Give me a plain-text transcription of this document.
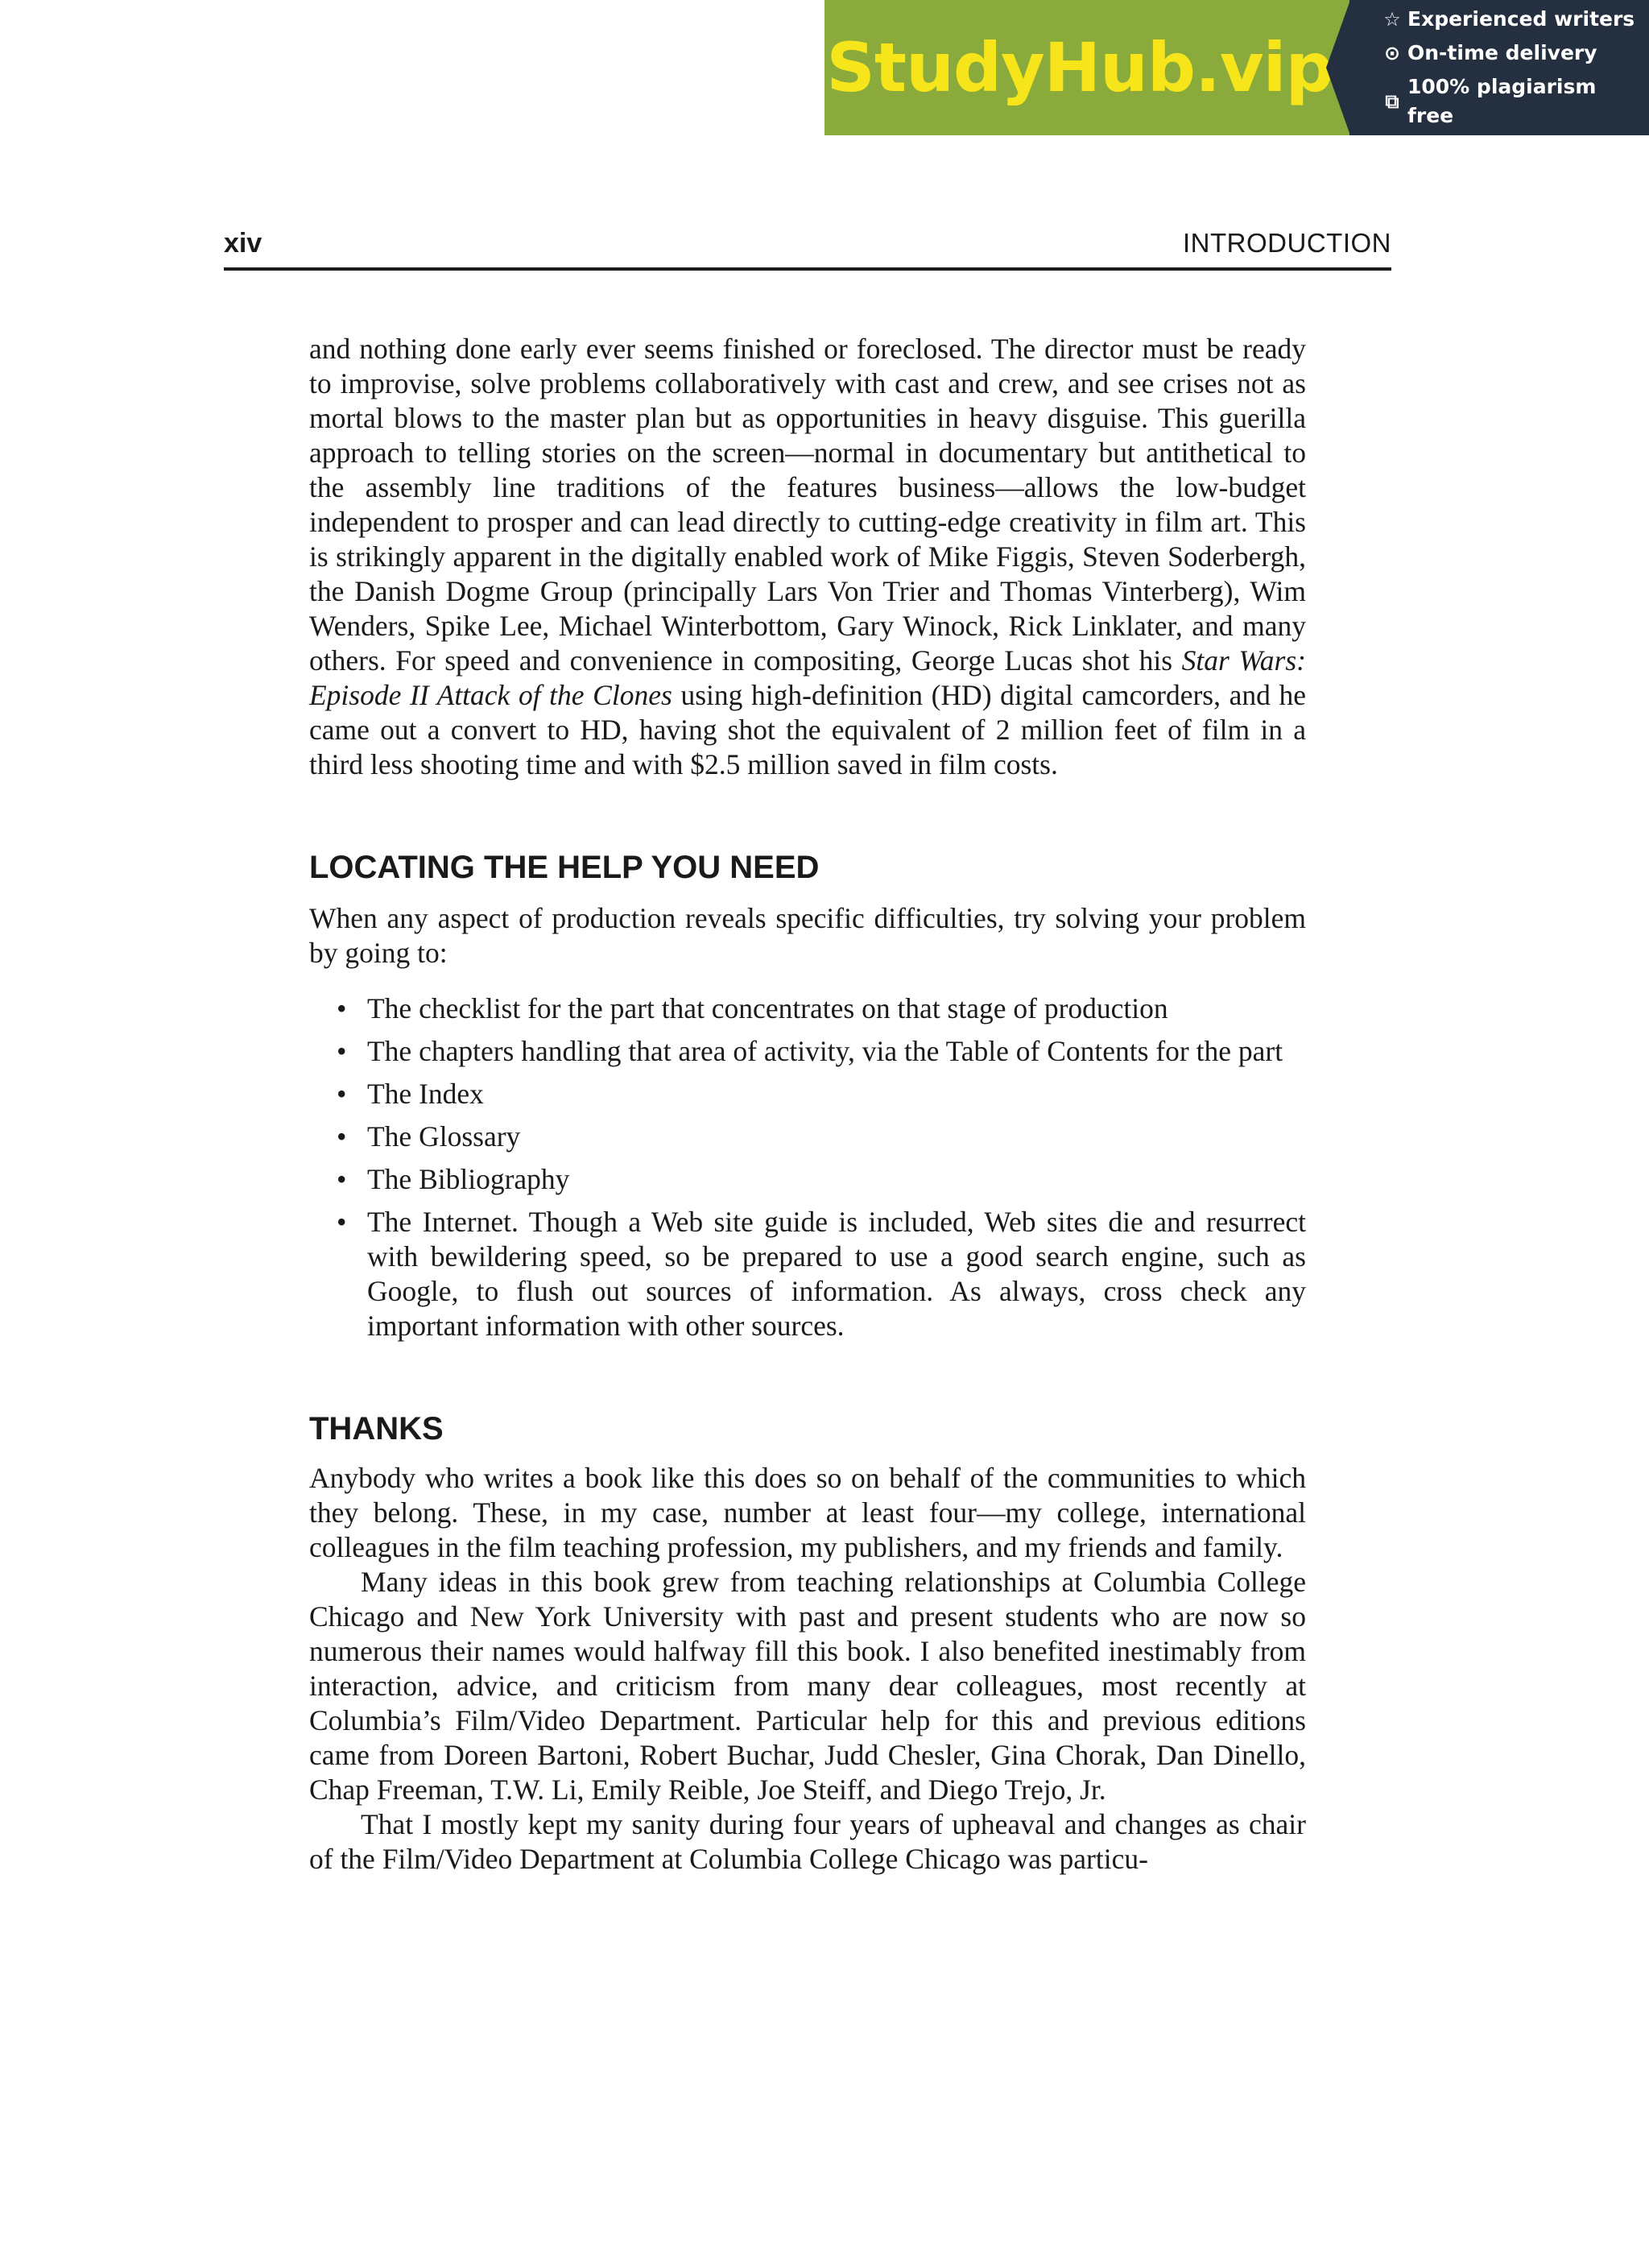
StudyHub.vip
☆ Experienced writers
⊙ On-time delivery
⧉
100% plagiarism free
xiv	INTRODUCTION

and nothing done early ever seems finished or foreclosed. The director must be ready to improvise, solve problems collaboratively with cast and crew, and see crises not as mortal blows to the master plan but as opportunities in heavy disguise. This guerilla approach to telling stories on the screen—normal in documentary but antithetical to the assembly line traditions of the features business—allows the low-budget independent to prosper and can lead directly to cutting-edge creativity in film art. This is strikingly apparent in the digitally enabled work of Mike Figgis, Steven Soderbergh, the Danish Dogme Group (principally Lars Von Trier and Thomas Vinterberg), Wim Wenders, Spike Lee, Michael Winterbottom, Gary Winock, Rick Linklater, and many others. For speed and convenience in compositing, George Lucas shot his Star Wars: Episode II Attack of the Clones using high-definition (HD) digital camcorders, and he came out a convert to HD, having shot the equivalent of 2 million feet of film in a third less shooting time and with $2.5 million saved in film costs.

LOCATING THE HELP YOU NEED

When any aspect of production reveals specific difficulties, try solving your problem by going to:

• The checklist for the part that concentrates on that stage of production
• The chapters handling that area of activity, via the Table of Contents for the part
• The Index
• The Glossary
• The Bibliography
• The Internet. Though a Web site guide is included, Web sites die and resurrect with bewildering speed, so be prepared to use a good search engine, such as Google, to flush out sources of information. As always, cross check any important information with other sources.
THANKS

Anybody who writes a book like this does so on behalf of the communities to which they belong. These, in my case, number at least four—my college, international colleagues in the film teaching profession, my publishers, and my friends and family.

Many ideas in this book grew from teaching relationships at Columbia College Chicago and New York University with past and present students who are now so numerous their names would halfway fill this book. I also benefited inestimably from interaction, advice, and criticism from many dear colleagues, most recently at Columbia’s Film/Video Department. Particular help for this and previous editions came from Doreen Bartoni, Robert Buchar, Judd Chesler, Gina Chorak, Dan Dinello, Chap Freeman, T.W. Li, Emily Reible, Joe Steiff, and Diego Trejo, Jr.

That I mostly kept my sanity during four years of upheaval and changes as chair of the Film/Video Department at Columbia College Chicago was particu-
